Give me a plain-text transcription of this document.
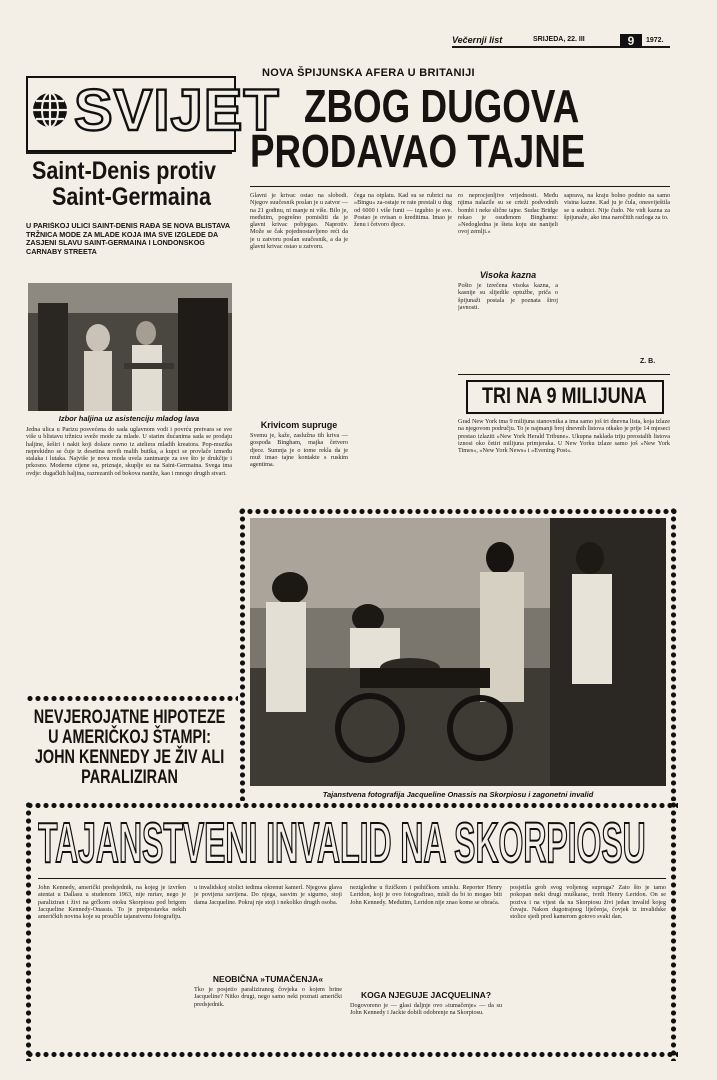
Večernji list	SRIJEDA, 22. III	9	1972.
SVIJET
NOVA ŠPIJUNSKA AFERA U BRITANIJI
ZBOG DUGOVA
PRODAVAO TAJNE
Saint-Denis protiv
Saint-Germaina
U PARIŠKOJ ULICI SAINT-DENIS RAĐA SE NOVA BLISTAVA TRŽNICA MODE ZA MLADE KOJA IMA SVE IZGLEDE DA ZASJENI SLAVU SAINT-GERMAINA I LONDONSKOG CARNABY STREETA
Izbor haljina uz asistenciju mladog lava
Jedna ulica u Parizu posvećena do sada uglavnom vodi i povrću pretvara se sve više u blistavu tržnicu sveže mode za mlade. U starim dućanima sada se prodaju haljine, šeširi i nakit koji dolaze ravno iz ateliera mladih kreatora. Pop-muzika neprekidno se čuje iz desetina novih malih butika, a kupci se provlače između stalaka i lutaka. Najviše je nova moda uvela zanimanje za sve što je drukčije i prkosno. Moderne cijene su, priznaje, skuplje su na Saint-Germaina. Svega ima ovdje: dugačkih haljina, razrezanih od bokova naniže, kao i mnogo drugih stvari.
Glavni je krivac ostao na slobodi. Njegov suučesnik poslan je u zatvor — na 21 godinu, ni manje ni više. Bilo je, međutim, pogrešno pomisliti da je glavni krivac pobjegao. Naprotiv. Može se čak pojednostavljeno reći da je u zatvoru poslan suučesnik, a da je glavni krivac ostao u zatvoru.
Krivicom supruge
Svemu je, kaže, zaslužna tih kriva — gospođa Bingham, majka četvero djece. Sumnja je o tome rekla da je muž imao tajne kontakte s ruskim agentima.
čega na otplatu. Kad su se rubrici na »Bingu« za-ostaje re rate prestali u dug od 6000 i više funti — izgubio je sve. Postao je ovisan o kreditima. Imao je ženu i četvoro djece.
ro neprocjenljive vrijednosti. Među njima nalazile su se crteži podvodnih bombi i neke slične tajne. Sudac Bridge rekao je osuđenom Binghamu: »Nedogledna je šteta koju ste nanijeli ovoj zemlji.«
Visoka kazna
Pošto je izrečena visoka kazna, a kasnije su slijedile optužbe, priča o špijunaži postala je poznata široj javnosti.
saprava, na kraju bolno podnio na samo visina kazne. Kad ju je čula, onesviještila se u sudnici. Nije čudo. Ne vidi kazna za špijunaže, ako ima naročitih razloga za to.
Z. B.
TRI NA 9 MILIJUNA
Grad New York ima 9 milijuna stanovnika a ima samo još tri dnevna lista, koja izlaze na njegovom području. To je najmanji broj dnevnih listova otkako je prije 14 mjeseci prestao izlaziti »New York Herald Tribune«. Ukupna naklada triju preostalih listova iznosi oko četiri milijuna primjeraka. U New Yorku izlaze samo još »New York Times«, »New York News« i »Evening Post«.
Tajanstvena fotografija Jacqueline Onassis na Skorpiosu i zagonetni invalid
NEVJEROJATNE HIPOTEZE U AMERIČKOJ ŠTAMPI: JOHN KENNEDY JE ŽIV ALI PARALIZIRAN
TAJANSTVENI INVALID NA SKORPIOSU
John Kennedy, američki predsjednik, na kojeg je izvršen atentat u Dallasu u studenom 1963, nije mrtav, nego je paraliziran i živi na grčkom otoku Skorpiosu pod brigom Jacqueline Kennedy-Onassis. To je pretpostavka nekih američkih novina koje su proučile tajanstvenu fotografiju.
u invalidskoj stolici tedima okrenut kamerl. Njegova glava je povijena savijena. Do njega, sasvim je sigurno, stoji dama Jacqueline. Pokraj nje stoji i nekoliko drugih osoba.
NEOBIČNA »TUMAČENJA«
Tko je posjetio paraliziranog čovjeka o kojem brine Jacqueline? Nitko drugi, nego samo neki poznati američki predsjednik.
nezigledne u fizičkom i psihičkom smislu. Reporter Henry Leridon, koji je ovo fotografirao, misli da bi to mogao biti John Kennedy. Međutim, Leridon nije znao kome se obraća.
KOGA NJEGUJE JACQUELINA?
Dogovoreno je — glasi daljnje ovo »tumačenje« — da su John Kennedy i Jackie dobili odobrenje na Skorpiosu.
posjetila grob svog voljenog supruga? Zato što je tamo pokopan neki drugi muškarac, tvrdi Henry Leridon. On se poziva i na vijest da na Skorpiosu živi jedan invalid kojeg čuvaju. Nakon dugotrajnog liječenja, čovjek iz invalidske stolice sjedi pred kamerom gotovo svaki dan.
